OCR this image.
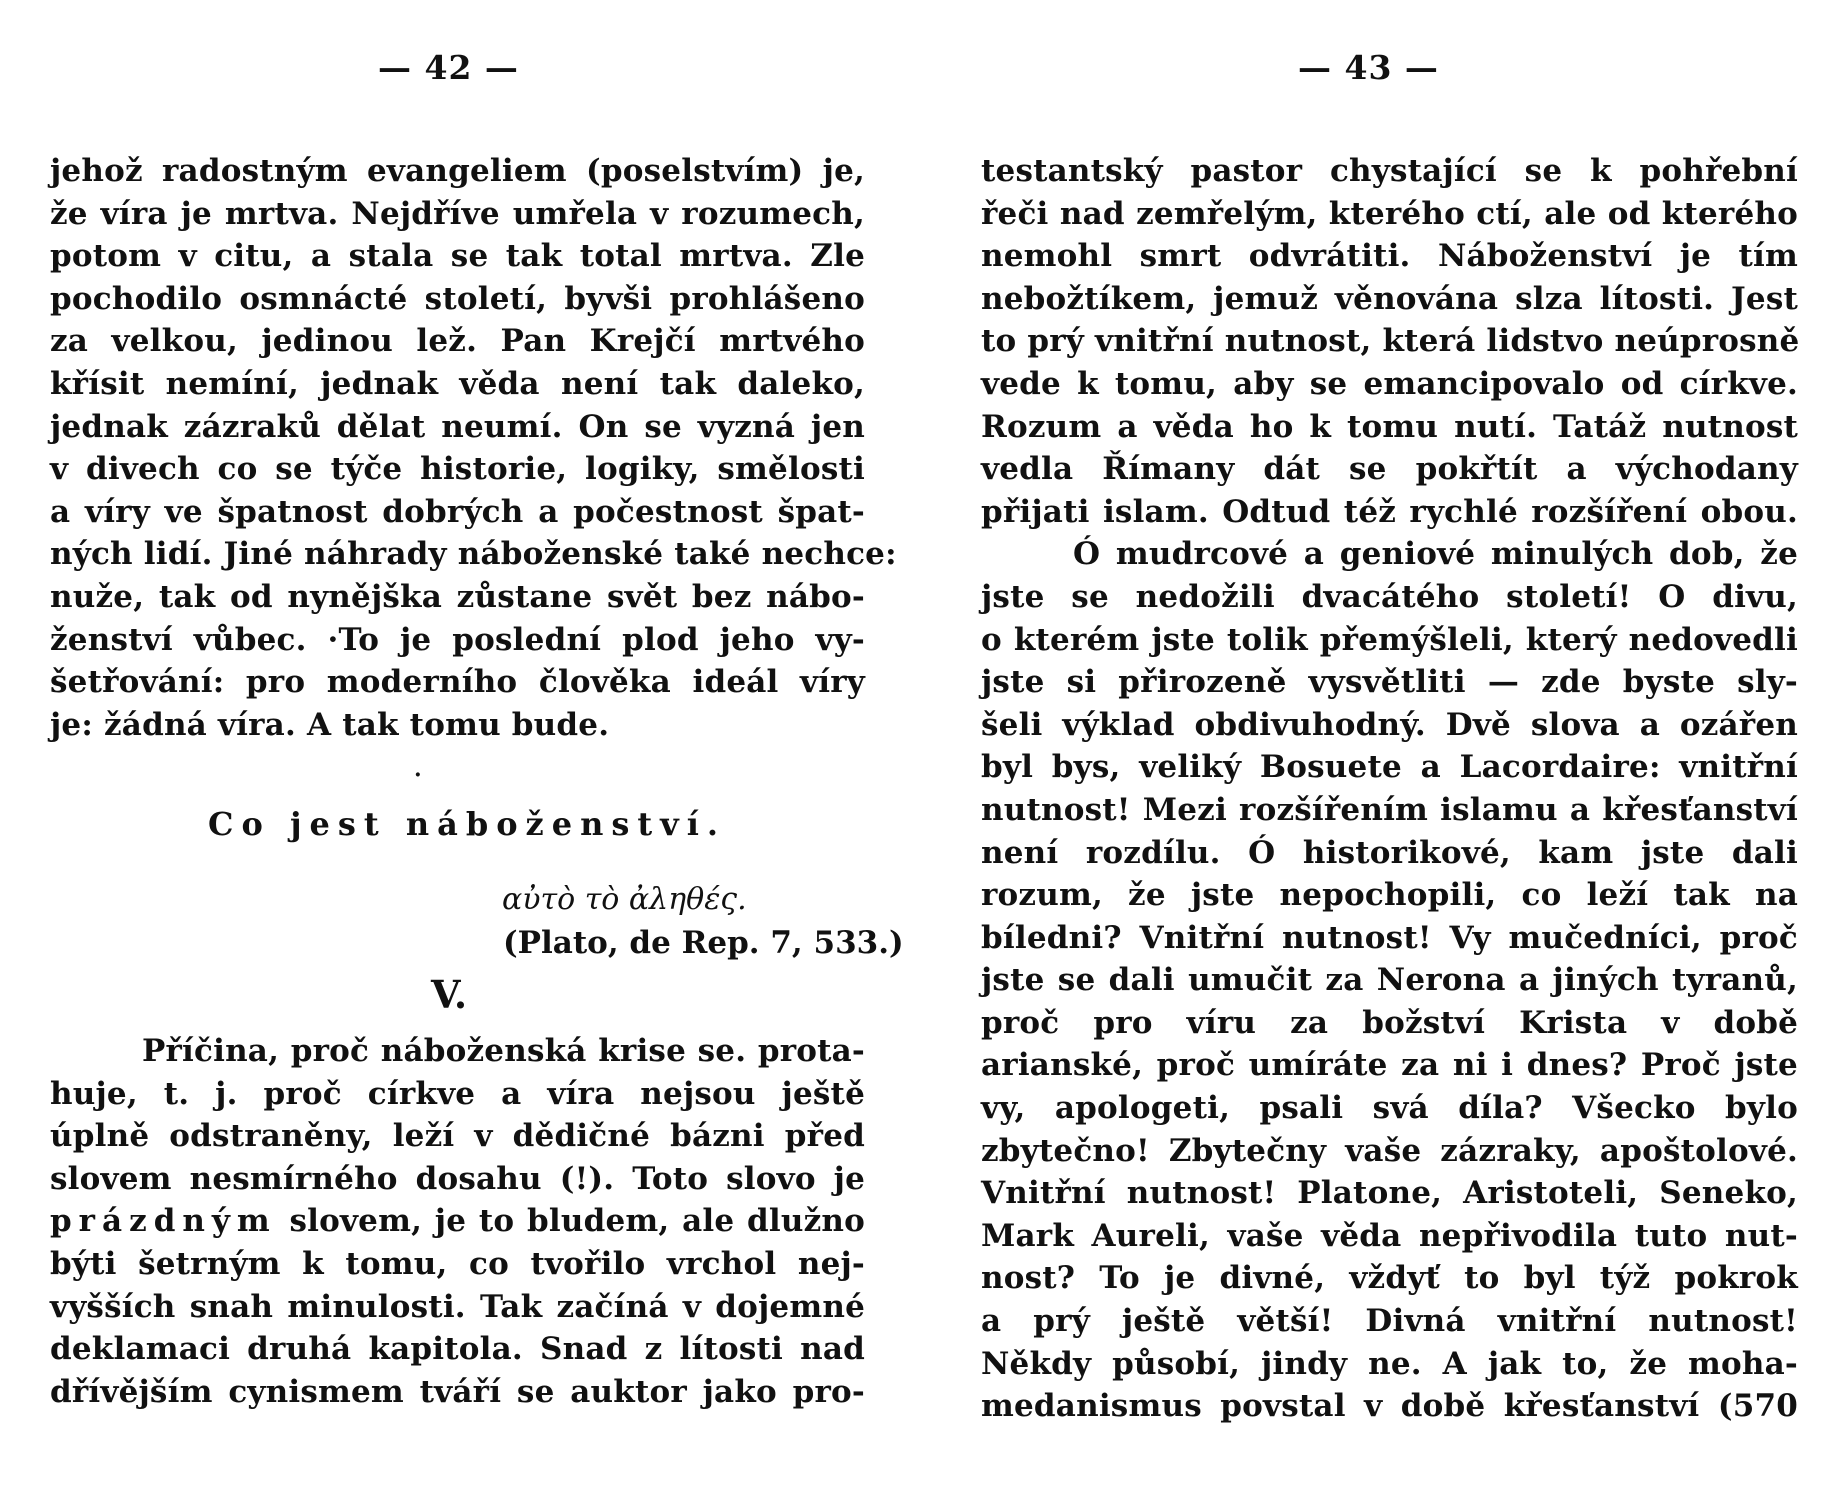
— 42 —
jehož radostným evangeliem (poselstvím) je,
že víra je mrtva. Nejdříve umřela v rozumech,
potom v citu, a stala se tak total mrtva. Zle
pochodilo osmnácté století, byvši prohlášeno
za velkou, jedinou lež. Pan Krejčí mrtvého
křísit nemíní, jednak věda není tak daleko,
jednak zázraků dělat neumí. On se vyzná jen
v divech co se týče historie, logiky, smělosti
a víry ve špatnost dobrých a počestnost špat-
ných lidí. Jiné náhrady náboženské také nechce:
nuže, tak od nynějška zůstane svět bez nábo-
ženství vůbec. ·To je poslední plod jeho vy-
šetřování: pro moderního člověka ideál víry
je: žádná víra. A tak tomu bude.
·
Co jest náboženství.
αὐτὸ τὸ ἀληθές.
(Plato, de Rep. 7, 533.)
V.
Příčina, proč náboženská krise se. prota-
huje, t. j. proč církve a víra nejsou ještě
úplně odstraněny, leží v dědičné bázni před
slovem nesmírného dosahu (!). Toto slovo je
prázdným slovem, je to bludem, ale dlužno
býti šetrným k tomu, co tvořilo vrchol nej-
vyšších snah minulosti. Tak začíná v dojemné
deklamaci druhá kapitola. Snad z lítosti nad
dřívějším cynismem tváří se auktor jako pro-
— 43 —
testantský pastor chystající se k pohřební
řeči nad zemřelým, kterého ctí, ale od kterého
nemohl smrt odvrátiti. Náboženství je tím
nebožtíkem, jemuž věnována slza lítosti. Jest
to prý vnitřní nutnost, která lidstvo neúprosně
vede k tomu, aby se emancipovalo od církve.
Rozum a věda ho k tomu nutí. Tatáž nutnost
vedla Římany dát se pokřtít a východany
přijati islam. Odtud též rychlé rozšíření obou.
Ó mudrcové a geniové minulých dob, že
jste se nedožili dvacátého století! O divu,
o kterém jste tolik přemýšleli, který nedovedli
jste si přirozeně vysvětliti — zde byste sly-
šeli výklad obdivuhodný. Dvě slova a ozářen
byl bys, veliký Bosuete a Lacordaire: vnitřní
nutnost! Mezi rozšířením islamu a křesťanství
není rozdílu. Ó historikové, kam jste dali
rozum, že jste nepochopili, co leží tak na
bíledni? Vnitřní nutnost! Vy mučedníci, proč
jste se dali umučit za Nerona a jiných tyranů,
proč pro víru za božství Krista v době
arianské, proč umíráte za ni i dnes? Proč jste
vy, apologeti, psali svá díla? Všecko bylo
zbytečno! Zbytečny vaše zázraky, apoštolové.
Vnitřní nutnost! Platone, Aristoteli, Seneko,
Mark Aureli, vaše věda nepřivodila tuto nut-
nost? To je divné, vždyť to byl týž pokrok
a prý ještě větší! Divná vnitřní nutnost!
Někdy působí, jindy ne. A jak to, že moha-
medanismus povstal v době křesťanství (570
